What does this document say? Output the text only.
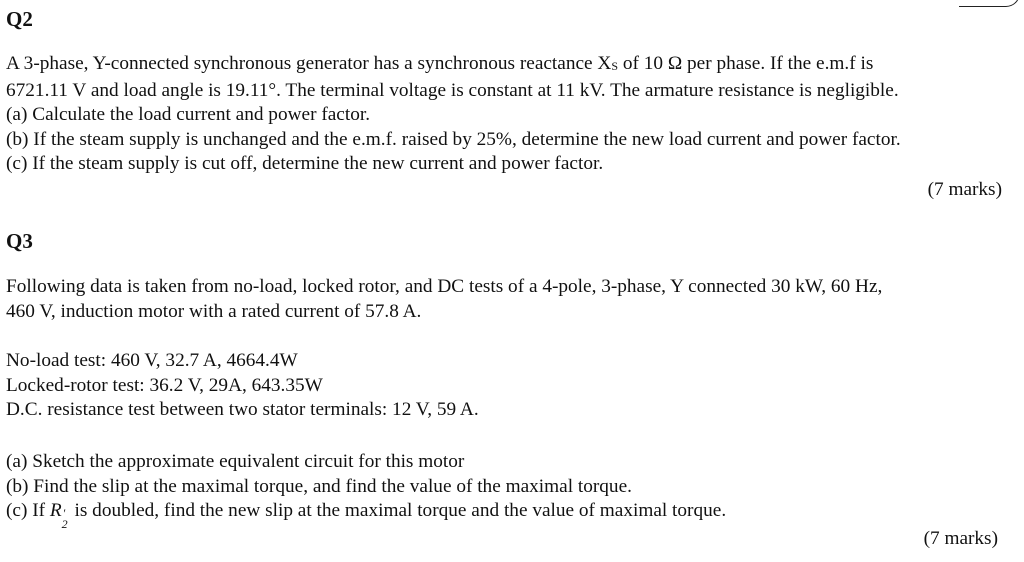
Q2
A 3-phase, Y-connected synchronous generator has a synchronous reactance XS of 10 Ω per phase. If the e.m.f is
6721.11 V and load angle is 19.11°. The terminal voltage is constant at 11 kV. The armature resistance is negligible.
(a) Calculate the load current and power factor.
(b) If the steam supply is unchanged and the e.m.f. raised by 25%, determine the new load current and power factor.
(c) If the steam supply is cut off, determine the new current and power factor.
(7 marks)
Q3
Following data is taken from no-load, locked rotor, and DC tests of a 4-pole, 3-phase, Y connected 30 kW, 60 Hz,
460 V, induction motor with a rated current of 57.8 A.
No-load test: 460 V, 32.7 A, 4664.4W
Locked-rotor test: 36.2 V, 29A, 643.35W
D.C. resistance test between two stator terminals: 12 V, 59 A.
(a) Sketch the approximate equivalent circuit for this motor
(b) Find the slip at the maximal torque, and find the value of the maximal torque.
(c) If R ′
2
is doubled, find the new slip at the maximal torque and the value of maximal torque.
(7 marks)
